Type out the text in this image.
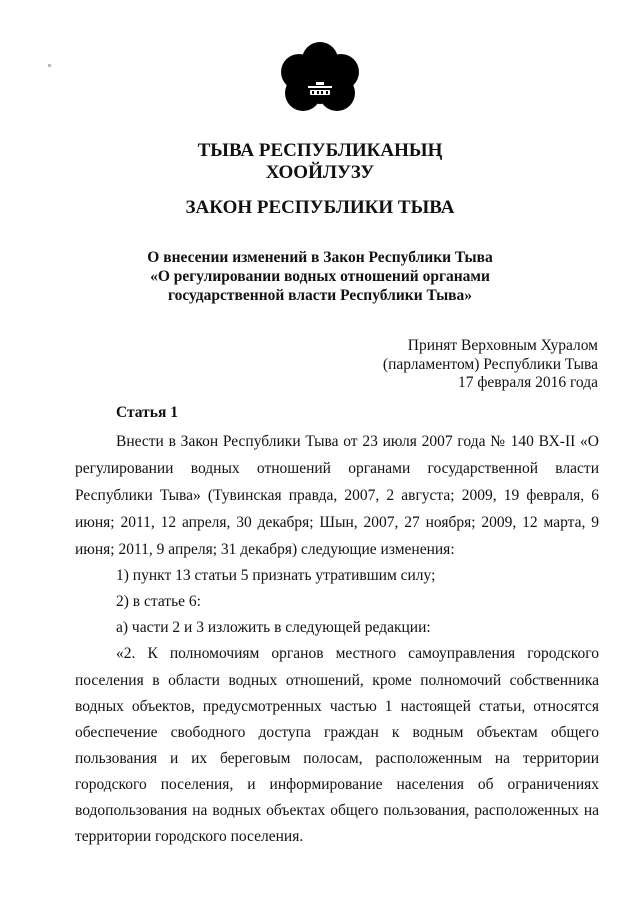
ТЫВА РЕСПУБЛИКАНЫҢ
ХООЙЛУЗУ
ЗАКОН РЕСПУБЛИКИ ТЫВА
О внесении изменений в Закон Республики Тыва
«О регулировании водных отношений органами
государственной власти Республики Тыва»
Принят Верховным Хуралом
(парламентом) Республики Тыва
17 февраля 2016 года
Статья 1
Внести в Закон Республики Тыва от 23 июля 2007 года № 140 ВХ-II «О
регулировании водных отношений органами государственной власти
Республики Тыва» (Тувинская правда, 2007, 2 августа; 2009, 19 февраля, 6
июня; 2011, 12 апреля, 30 декабря; Шын, 2007, 27 ноября; 2009, 12 марта, 9
июня; 2011, 9 апреля; 31 декабря) следующие изменения:
1) пункт 13 статьи 5 признать утратившим силу;
2) в статье 6:
а) части 2 и 3 изложить в следующей редакции:
«2. К полномочиям органов местного самоуправления городского
поселения в области водных отношений, кроме полномочий собственника
водных объектов, предусмотренных частью 1 настоящей статьи, относятся
обеспечение свободного доступа граждан к водным объектам общего
пользования и их береговым полосам, расположенным на территории
городского поселения, и информирование населения об ограничениях
водопользования на водных объектах общего пользования, расположенных на
территории городского поселения.
